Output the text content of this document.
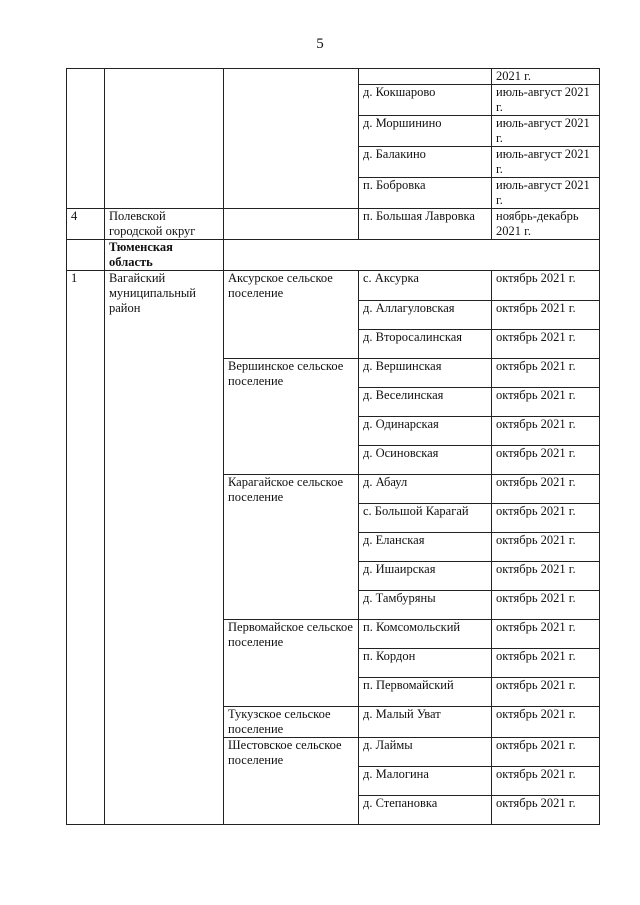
5
				2021 г.
			д. Кокшарово	июль-август 2021 г.
			д. Моршинино	июль-август 2021 г.
			д. Балакино	июль-август 2021 г.
			п. Бобровка	июль-август 2021 г.
4	Полевской городской округ		п. Большая Лавровка	ноябрь-декабрь 2021 г.
	Тюменская область			
1	Вагайский муниципальный район	Аксурское сельское поселение	с. Аксурка	октябрь 2021 г.
			д. Аллагуловская	октябрь 2021 г.
			д. Второсалинская	октябрь 2021 г.
		Вершинское сельское поселение	д. Вершинская	октябрь 2021 г.
			д. Веселинская	октябрь 2021 г.
			д. Одинарская	октябрь 2021 г.
			д. Осиновская	октябрь 2021 г.
		Карагайское сельское поселение	д. Абаул	октябрь 2021 г.
			с. Большой Карагай	октябрь 2021 г.
			д. Еланская	октябрь 2021 г.
			д. Ишаирская	октябрь 2021 г.
			д. Тамбуряны	октябрь 2021 г.
		Первомайское сельское поселение	п. Комсомольский	октябрь 2021 г.
			п. Кордон	октябрь 2021 г.
			п. Первомайский	октябрь 2021 г.
		Тукузское сельское поселение	д. Малый Уват	октябрь 2021 г.
		Шестовское сельское поселение	д. Лаймы	октябрь 2021 г.
			д. Малогина	октябрь 2021 г.
			д. Степановка	октябрь 2021 г.
